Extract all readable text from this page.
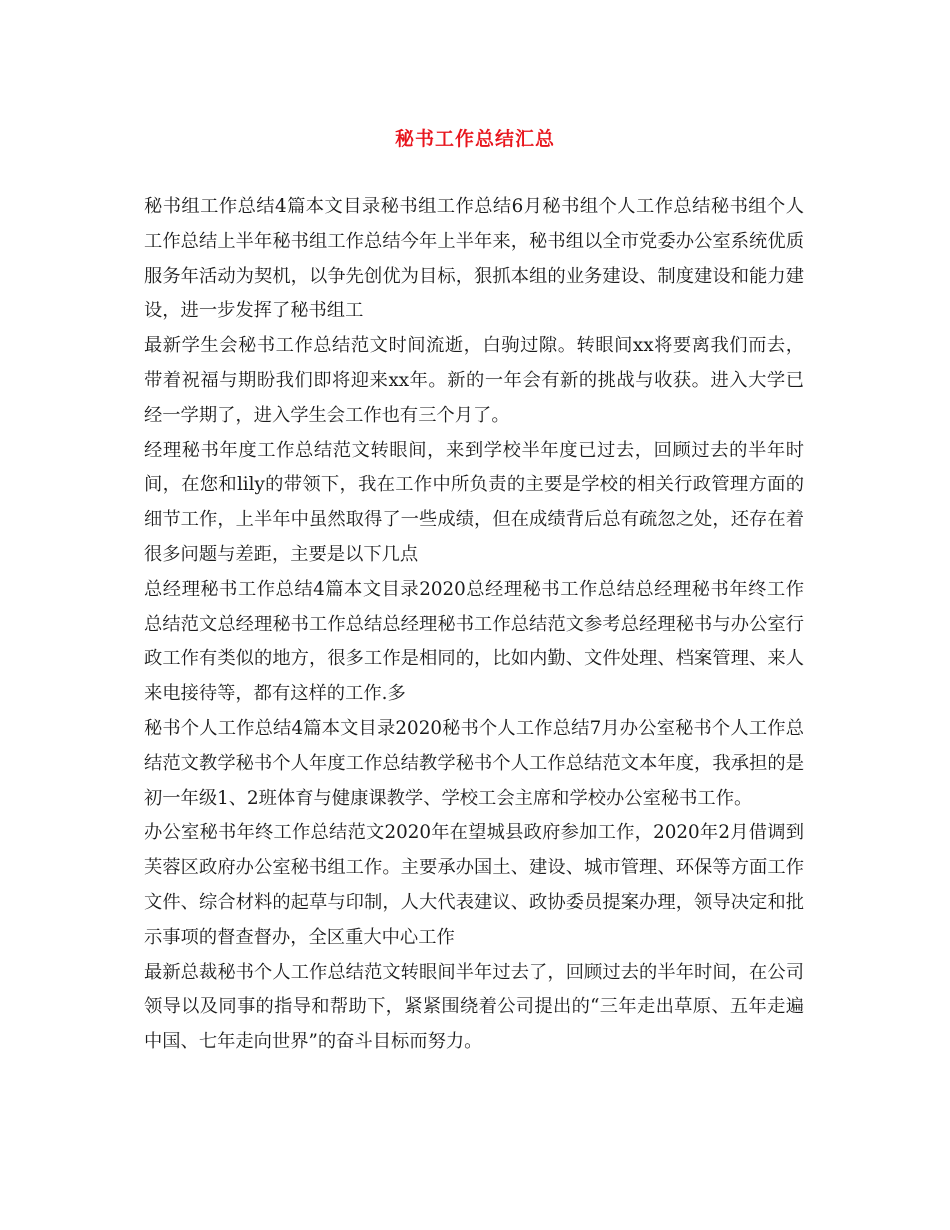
秘书工作总结汇总

秘书组工作总结4篇本文目录秘书组工作总结6月秘书组个人工作总结秘书组个人工作总结上半年秘书组工作总结今年上半年来，秘书组以全市党委办公室系统优质服务年活动为契机，以争先创优为目标，狠抓本组的业务建设、制度建设和能力建设，进一步发挥了秘书组工

最新学生会秘书工作总结范文时间流逝，白驹过隙。转眼间xx将要离我们而去，带着祝福与期盼我们即将迎来xx年。新的一年会有新的挑战与收获。进入大学已经一学期了，进入学生会工作也有三个月了。

经理秘书年度工作总结范文转眼间，来到学校半年度已过去，回顾过去的半年时间，在您和lily的带领下，我在工作中所负责的主要是学校的相关行政管理方面的细节工作，上半年中虽然取得了一些成绩，但在成绩背后总有疏忽之处，还存在着很多问题与差距，主要是以下几点

总经理秘书工作总结4篇本文目录2020总经理秘书工作总结总经理秘书年终工作总结范文总经理秘书工作总结总经理秘书工作总结范文参考总经理秘书与办公室行政工作有类似的地方，很多工作是相同的，比如内勤、文件处理、档案管理、来人来电接待等，都有这样的工作.多

秘书个人工作总结4篇本文目录2020秘书个人工作总结7月办公室秘书个人工作总结范文教学秘书个人年度工作总结教学秘书个人工作总结范文本年度，我承担的是初一年级1、2班体育与健康课教学、学校工会主席和学校办公室秘书工作。

办公室秘书年终工作总结范文2020年在望城县政府参加工作，2020年2月借调到芙蓉区政府办公室秘书组工作。主要承办国土、建设、城市管理、环保等方面工作文件、综合材料的起草与印制，人大代表建议、政协委员提案办理，领导决定和批示事项的督查督办，全区重大中心工作

最新总裁秘书个人工作总结范文转眼间半年过去了，回顾过去的半年时间，在公司领导以及同事的指导和帮助下，紧紧围绕着公司提出的“三年走出草原、五年走遍中国、七年走向世界”的奋斗目标而努力。
